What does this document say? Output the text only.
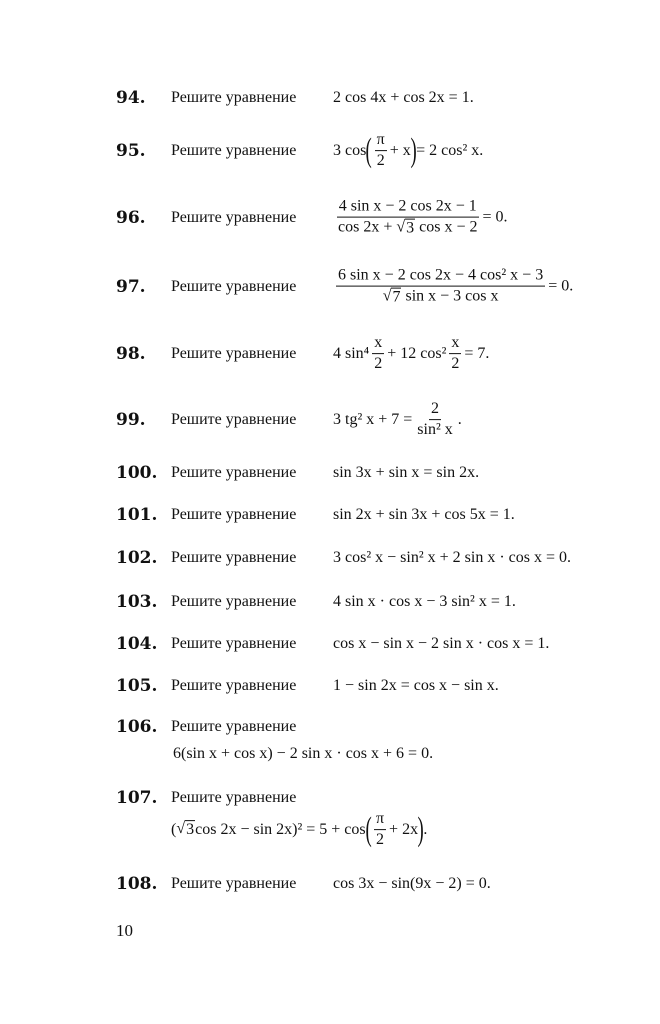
94. Решите уравнение 2 cos 4x + cos 2x = 1.
95. Решите уравнение 3 cos ( $\frac{\pi}{2} + x$ ) = 2 cos² x.
96. Решите уравнение $\frac{\text{4 sin x − 2 cos 2x − 1}}{\text{cos 2x + √ 3 cos x − 2}} = 0$.
97. Решите уравнение $\frac{\text{6 sin x − 2 cos 2x − 4 cos² x − 3}}{\text{√ 7 sin x − 3 cos x}} = 0$.
98. Решите уравнение 4 $\sin^4 \frac{x}{2} + 12$ $\cos^2 \frac{x}{2} = 7$.
99. Решите уравнение 3 tg² $x + 7 = \frac{2}{\text{sin² x}}$ .
100. Решите уравнение sin 3x + sin x = sin 2x.
101. Решите уравнение sin 2x + sin 3x + cos 5x = 1.
102. Решите уравнение 3 cos² x − sin² x + 2 sin x · cos x = 0.
103. Решите уравнение 4 sin x · cos x − 3 sin² x = 1.
104. Решите уравнение cos x − sin x − 2 sin x · cos x = 1.
105. Решите уравнение 1 − sin 2x = cos x − sin x.
106. Решите уравнение
6(sin x + cos x) − 2 sin x · cos x + 6 = 0.
107. Решите уравнение
( √ 3 cos 2x − sin 2x)² = 5 + cos ( $\frac{\pi}{2} + 2x$ ) .
108. Решите уравнение cos 3x − sin(9x − 2) = 0.
10
